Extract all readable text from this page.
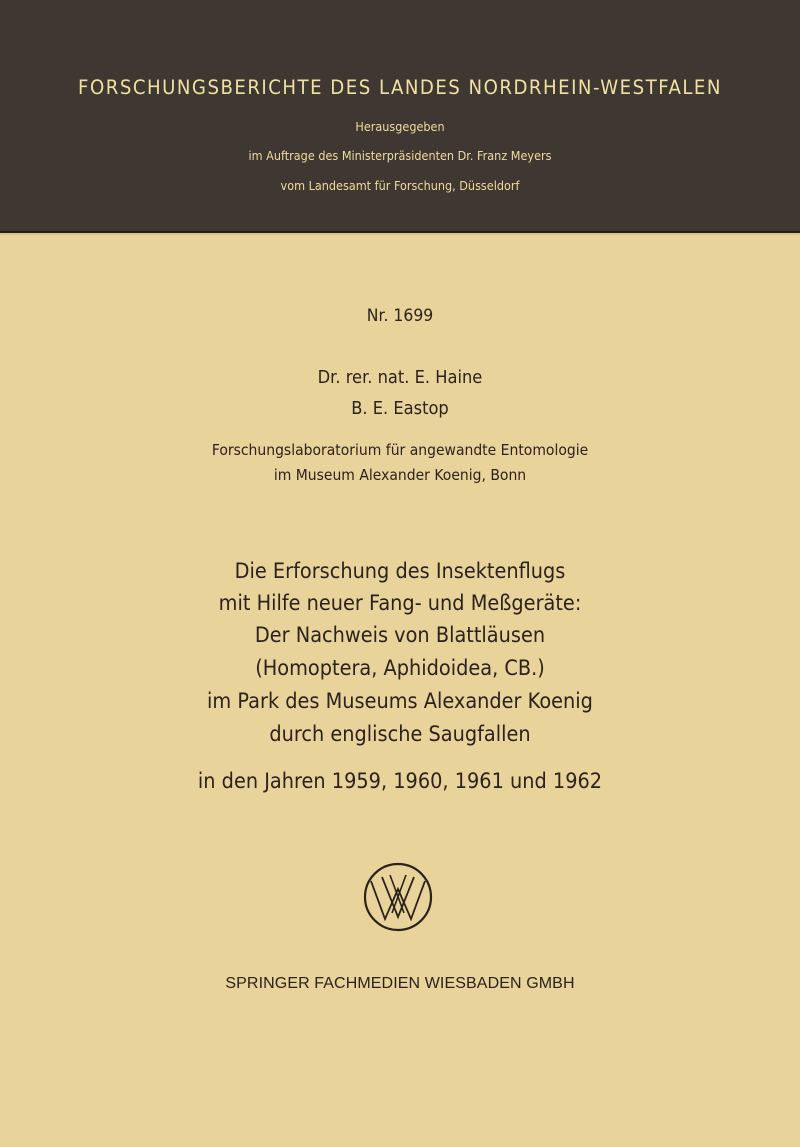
FORSCHUNGSBERICHTE DES LANDES NORDRHEIN-WESTFALEN
Herausgegeben
im Auftrage des Ministerpräsidenten Dr. Franz Meyers
vom Landesamt für Forschung, Düsseldorf
Nr. 1699
Dr. rer. nat. E. Haine
B. E. Eastop
Forschungslaboratorium für angewandte Entomologie
im Museum Alexander Koenig, Bonn
Die Erforschung des Insektenflugs
mit Hilfe neuer Fang- und Meßgeräte:
Der Nachweis von Blattläusen
(Homoptera, Aphidoidea, CB.)
im Park des Museums Alexander Koenig
durch englische Saugfallen
in den Jahren 1959, 1960, 1961 und 1962
SPRINGER FACHMEDIEN WIESBADEN GMBH
